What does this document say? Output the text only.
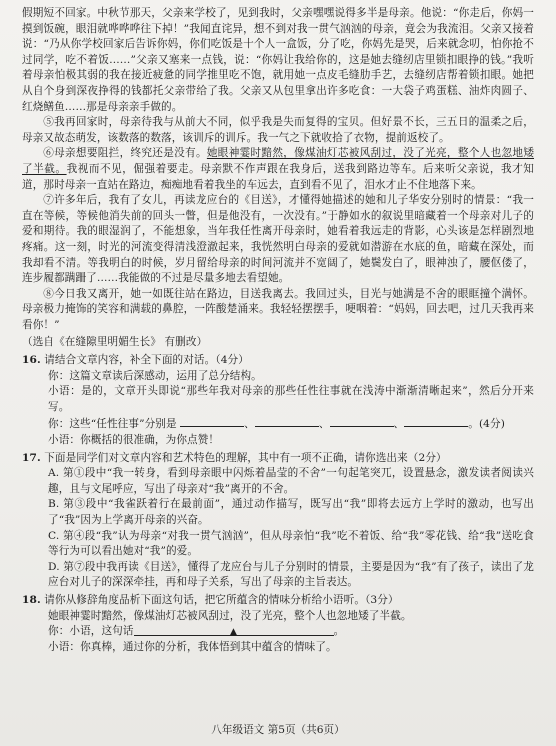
假期短不回家。中秋节那天，父亲来学校了，见到我时，父亲嘿嘿说得多半是母亲。他说：“你走后，你妈一摸到饭碗，眼泪就哗哗哗往下掉！”我闻直诧异，想不到对我一贯气汹汹的母亲，竟会为我流泪。父亲又接着说：“乃从你学校回家后告诉你妈，你们吃饭是十个人一盒饭，分了吃，你妈先是哭，后来就念叨，怕你抢不过同学，吃不着饭……”父亲又塞来一点钱，说：“你妈让我给你的，这是她去缝纫店里锁扣眼挣的钱。”我听着母亲怕极其弱的我在接近疲惫的同学推里吃不饱，就用她一点皮毛缝肋手艺，去缝纫店帮着锁扣眼。她把从自个身到深夜挣得的钱都托父亲带给了我。父亲又从包里拿出许多吃食：一大袋子鸡蛋糕、油炸肉圆子、红烧鳝鱼……那是母亲亲手做的。

⑤我再回家时，母亲待我与从前大不同，似乎我是失而复得的宝贝。但好景不长，三五日的温柔之后，母亲又故态萌发，该数落的数落，该训斥的训斥。我一气之下就收拾了衣物，提前返校了。

⑥母亲想要阻拦，终究还是没有。她眼神霎时黯然，像煤油灯芯被风刮过，没了光亮，整个人也忽地矮了半截。我视而不见，倔强着要走。母亲默不作声跟在我身后，送我到路边等车。后来听父亲说，我才知道，那时母亲一直站在路边，痴痴地看着我坐的车远去，直到看不见了，泪水才止不住地落下来。

⑦许多年后，我有了女儿，再读龙应台的《目送》，才懂得她描述的她和儿子华安分别时的情景：“我一直在等候，等候他消失前的回头一瞥，但是他没有，一次没有。”于静如水的叙说里暗藏着一个母亲对儿子的爱和期待。我的眼湿润了，不能想象，当年我任性离开母亲时，她看着我远走的背影，心头该是怎样剧烈地疼痛。这一刻，时光的河流变得清浅澄澈起来，我恍然明白母亲的爱就如潜游在水底的鱼，暗藏在深处，而我却看不清。等我明白的时候，岁月留给母亲的时间河流并不宽阔了，她鬓发白了，眼神浊了，腰伛偻了，连步履都蹒跚了……我能做的不过是尽量多地去看望她。

⑧今日我又离开，她一如既往站在路边，目送我离去。我回过头，目光与她满是不舍的眼眶撞个满怀。母亲极力掩饰的笑容和满载的鼻腔，一阵酸楚涌来。我轻轻摆摆手，哽咽着：“妈妈，回去吧，过几天我再来看你！”

（选自《在缝隙里明媚生长》 有删改）

16. 请结合文章内容，补全下面的对话。（4分）

你：这篇文章读后深感动，运用了总分结构。

小语：是的，文章开头即说“那些年我对母亲的那些任性往事就在浅涛中渐渐清晰起来”，然后分开来写。

你：这些“任性往事”分别是	、	、	、	。(4分)

小语：你概括的很准确，为你点赞！

17. 下面是同学们对文章内容和艺术特色的理解，其中有一项不正确，请你选出来（2分）

A. 第①段中“我一转身，看到母亲眼中闪烁着晶莹的不舍”一句起笔突兀，设置悬念，激发读者阅读兴趣，且与文尾呼应，写出了母亲对“我”离开的不舍。

B. 第③段中“我雀跃着行在最前面”，通过动作描写，既写出“我”即将去远方上学时的激动，也写出了“我”因为上学离开母亲的兴奋。

C. 第④段“我”认为母亲“对我一贯气汹汹”，但从母亲怕“我”吃不着饭、给“我”零花钱、给“我”送吃食等行为可以看出她对“我”的爱。

D. 第⑦段中我再读《目送》，懂得了龙应台与儿子分别时的情景，主要是因为“我”有了孩子，读出了龙应台对儿子的深深牵挂，再和母子关系，写出了母亲的主旨表达。

18. 请你从修辞角度品析下面这句话，把它所蕴含的情味分析给小语听。（3分）

她眼神霎时黯然，像煤油灯芯被风刮过，没了光亮，整个人也忽地矮了半截。

你：小语，这句话	▲	。

小语：你真棒，通过你的分析，我体悟到其中蕴含的情味了。

八年级语文 第5页（共6页）
